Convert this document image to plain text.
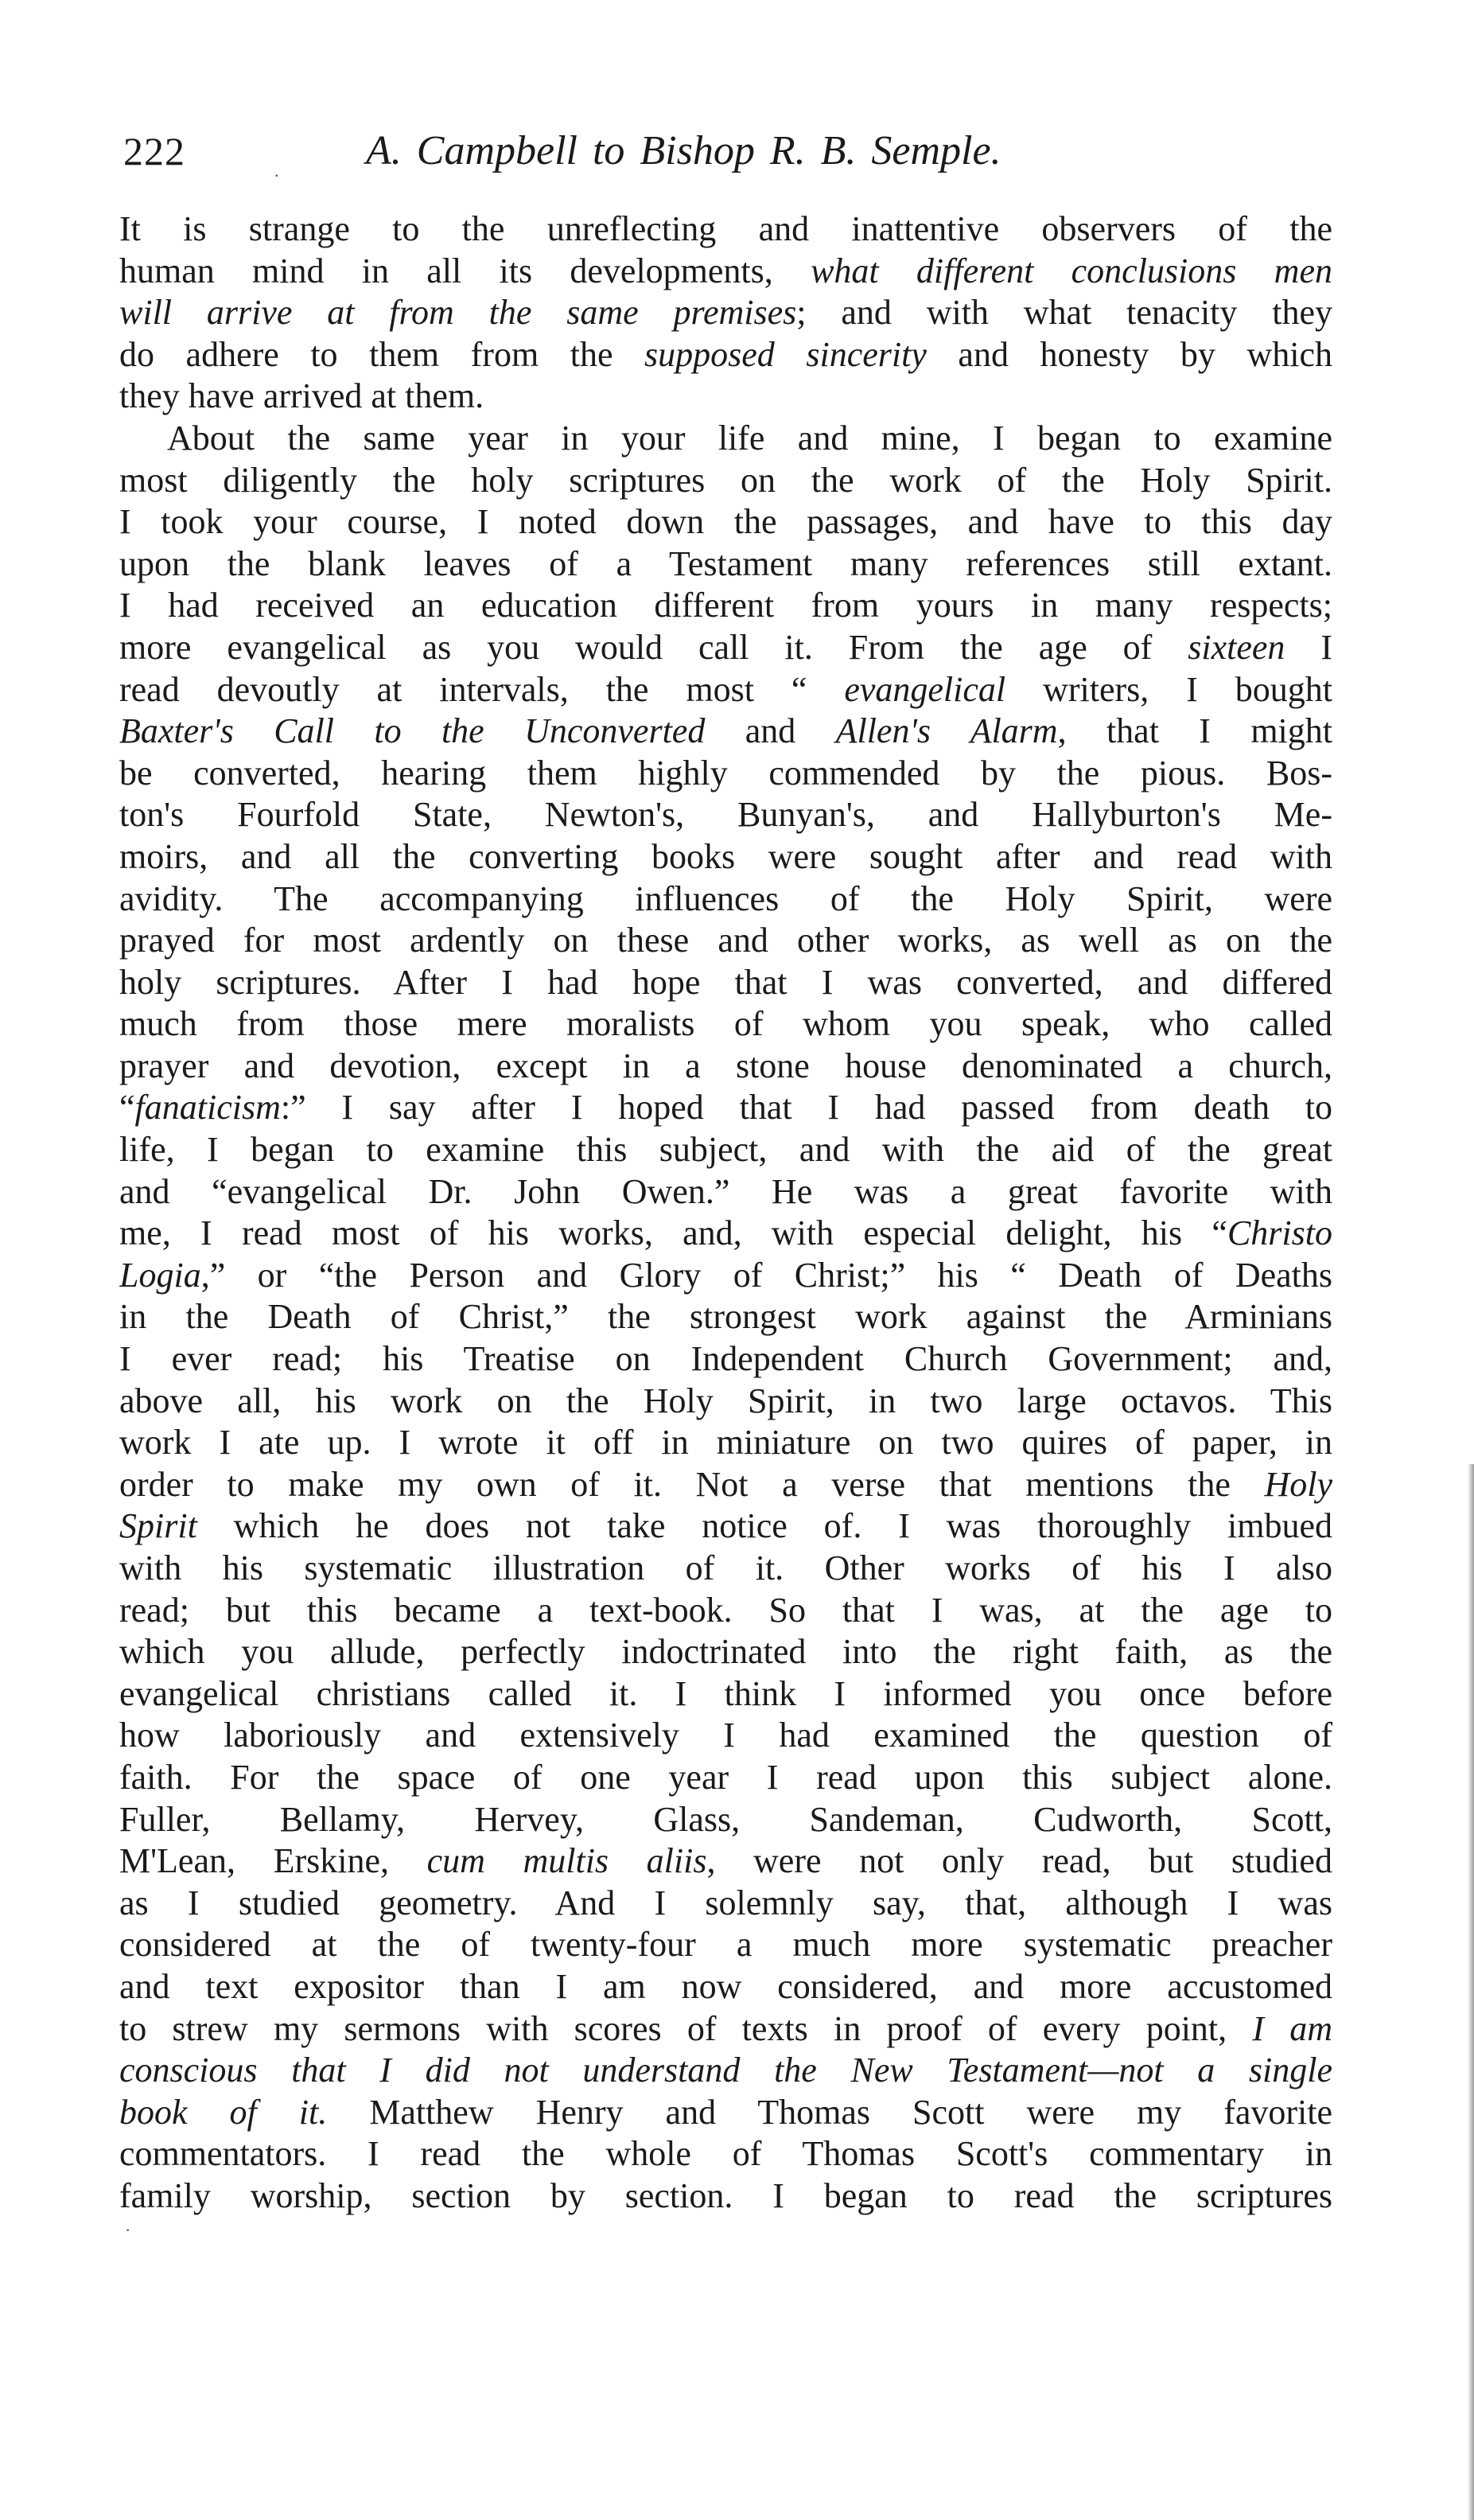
222	A. Campbell to Bishop R. B. Semple.
It is strange to the unreflecting and inattentive observers of the
human mind in all its developments, what different conclusions men
will arrive at from the same premises; and with what tenacity they
do adhere to them from the supposed sincerity and honesty by which
they have arrived at them.
About the same year in your life and mine, I began to examine
most diligently the holy scriptures on the work of the Holy Spirit.
I took your course, I noted down the passages, and have to this day
upon the blank leaves of a Testament many references still extant.
I had received an education different from yours in many respects;
more evangelical as you would call it. From the age of sixteen I
read devoutly at intervals, the most “ evangelical writers, I bought
Baxter's Call to the Unconverted and Allen's Alarm, that I might
be converted, hearing them highly commended by the pious. Bos-
ton's Fourfold State, Newton's, Bunyan's, and Hallyburton's Me-
moirs, and all the converting books were sought after and read with
avidity. The accompanying influences of the Holy Spirit, were
prayed for most ardently on these and other works, as well as on the
holy scriptures. After I had hope that I was converted, and differed
much from those mere moralists of whom you speak, who called
prayer and devotion, except in a stone house denominated a church,
“fanaticism:” I say after I hoped that I had passed from death to
life, I began to examine this subject, and with the aid of the great
and “evangelical Dr. John Owen.” He was a great favorite with
me, I read most of his works, and, with especial delight, his “Christo
Logia,” or “the Person and Glory of Christ;” his “ Death of Deaths
in the Death of Christ,” the strongest work against the Arminians
I ever read; his Treatise on Independent Church Government; and,
above all, his work on the Holy Spirit, in two large octavos. This
work I ate up. I wrote it off in miniature on two quires of paper, in
order to make my own of it. Not a verse that mentions the Holy
Spirit which he does not take notice of. I was thoroughly imbued
with his systematic illustration of it. Other works of his I also
read; but this became a text-book. So that I was, at the age to
which you allude, perfectly indoctrinated into the right faith, as the
evangelical christians called it. I think I informed you once before
how laboriously and extensively I had examined the question of
faith. For the space of one year I read upon this subject alone.
Fuller, Bellamy, Hervey, Glass, Sandeman, Cudworth, Scott,
M'Lean, Erskine, cum multis aliis, were not only read, but studied
as I studied geometry. And I solemnly say, that, although I was
considered at the of twenty-four a much more systematic preacher
and text expositor than I am now considered, and more accustomed
to strew my sermons with scores of texts in proof of every point, I am
conscious that I did not understand the New Testament—not a single
book of it. Matthew Henry and Thomas Scott were my favorite
commentators. I read the whole of Thomas Scott's commentary in
family worship, section by section. I began to read the scriptures
·
·
